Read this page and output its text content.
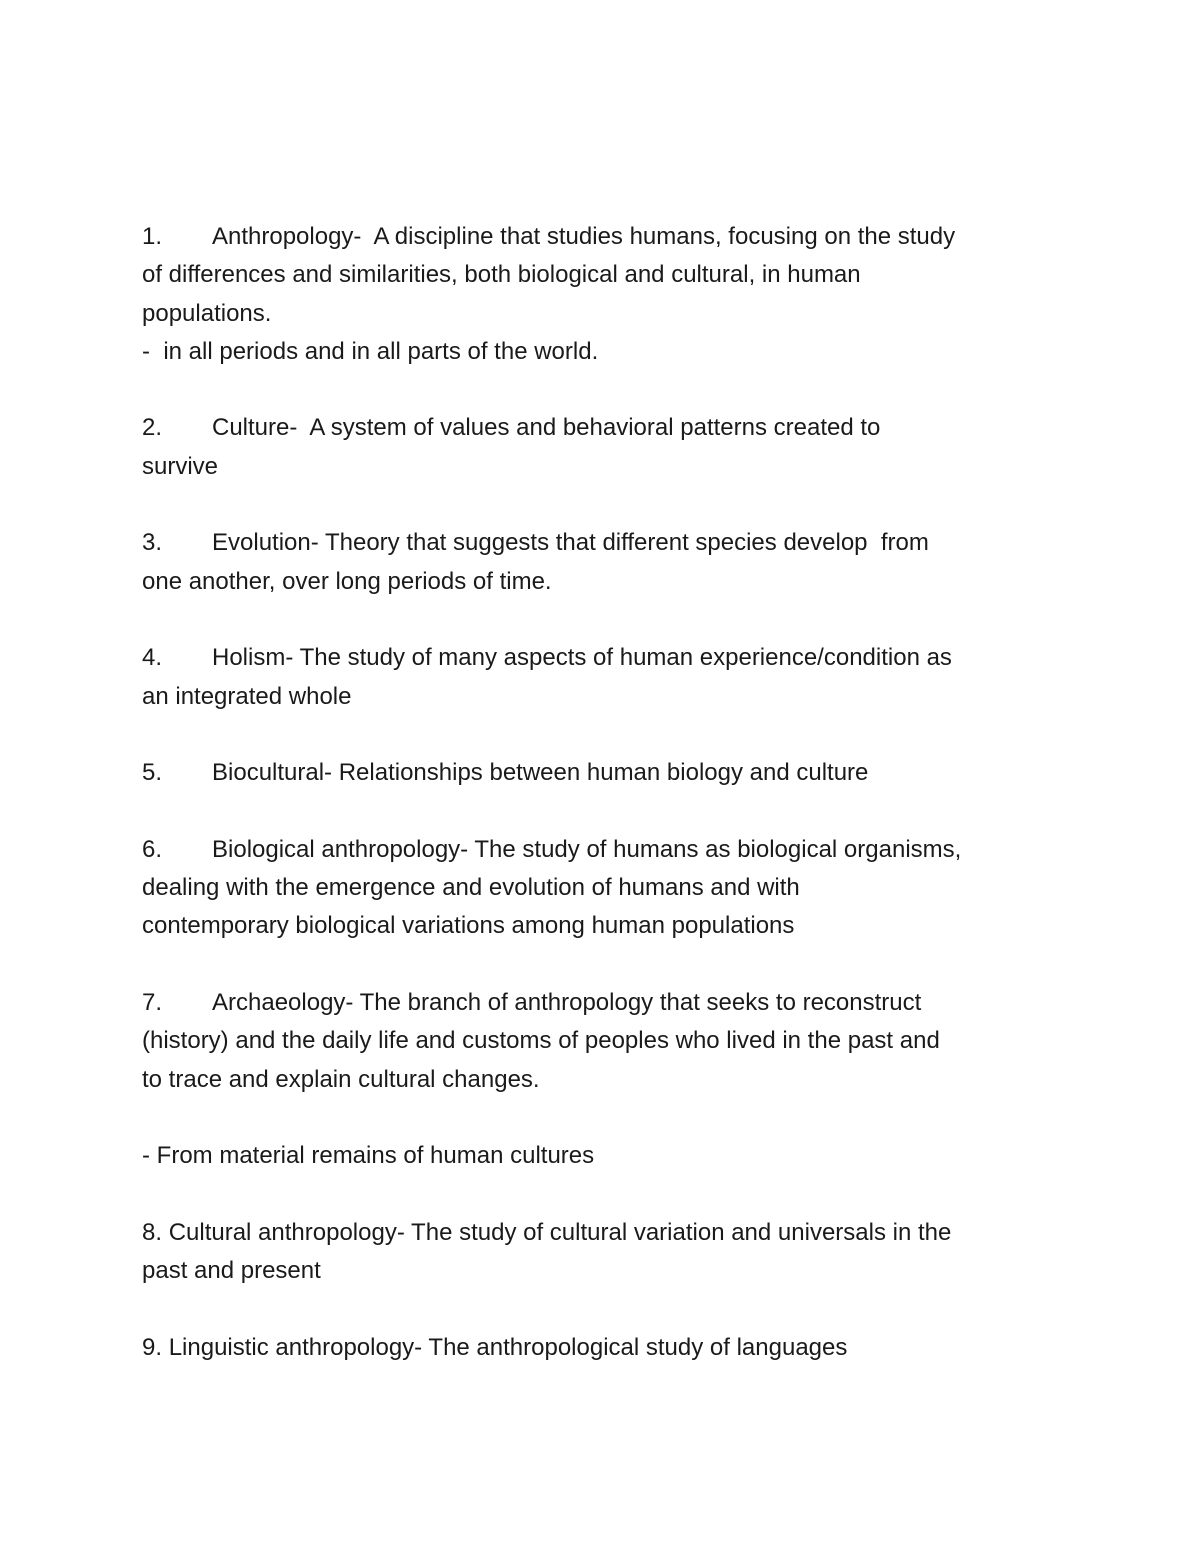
1. Anthropology-  A discipline that studies humans, focusing on the study
of differences and similarities, both biological and cultural, in human
populations.
-  in all periods and in all parts of the world.
2. Culture-  A system of values and behavioral patterns created to
survive
3. Evolution- Theory that suggests that different species develop  from
one another, over long periods of time.
4. Holism- The study of many aspects of human experience/condition as
an integrated whole
5. Biocultural- Relationships between human biology and culture
6. Biological anthropology- The study of humans as biological organisms,
dealing with the emergence and evolution of humans and with
contemporary biological variations among human populations
7. Archaeology- The branch of anthropology that seeks to reconstruct
(history) and the daily life and customs of peoples who lived in the past and
to trace and explain cultural changes.
- From material remains of human cultures
8. Cultural anthropology- The study of cultural variation and universals in the
past and present
9. Linguistic anthropology- The anthropological study of languages
